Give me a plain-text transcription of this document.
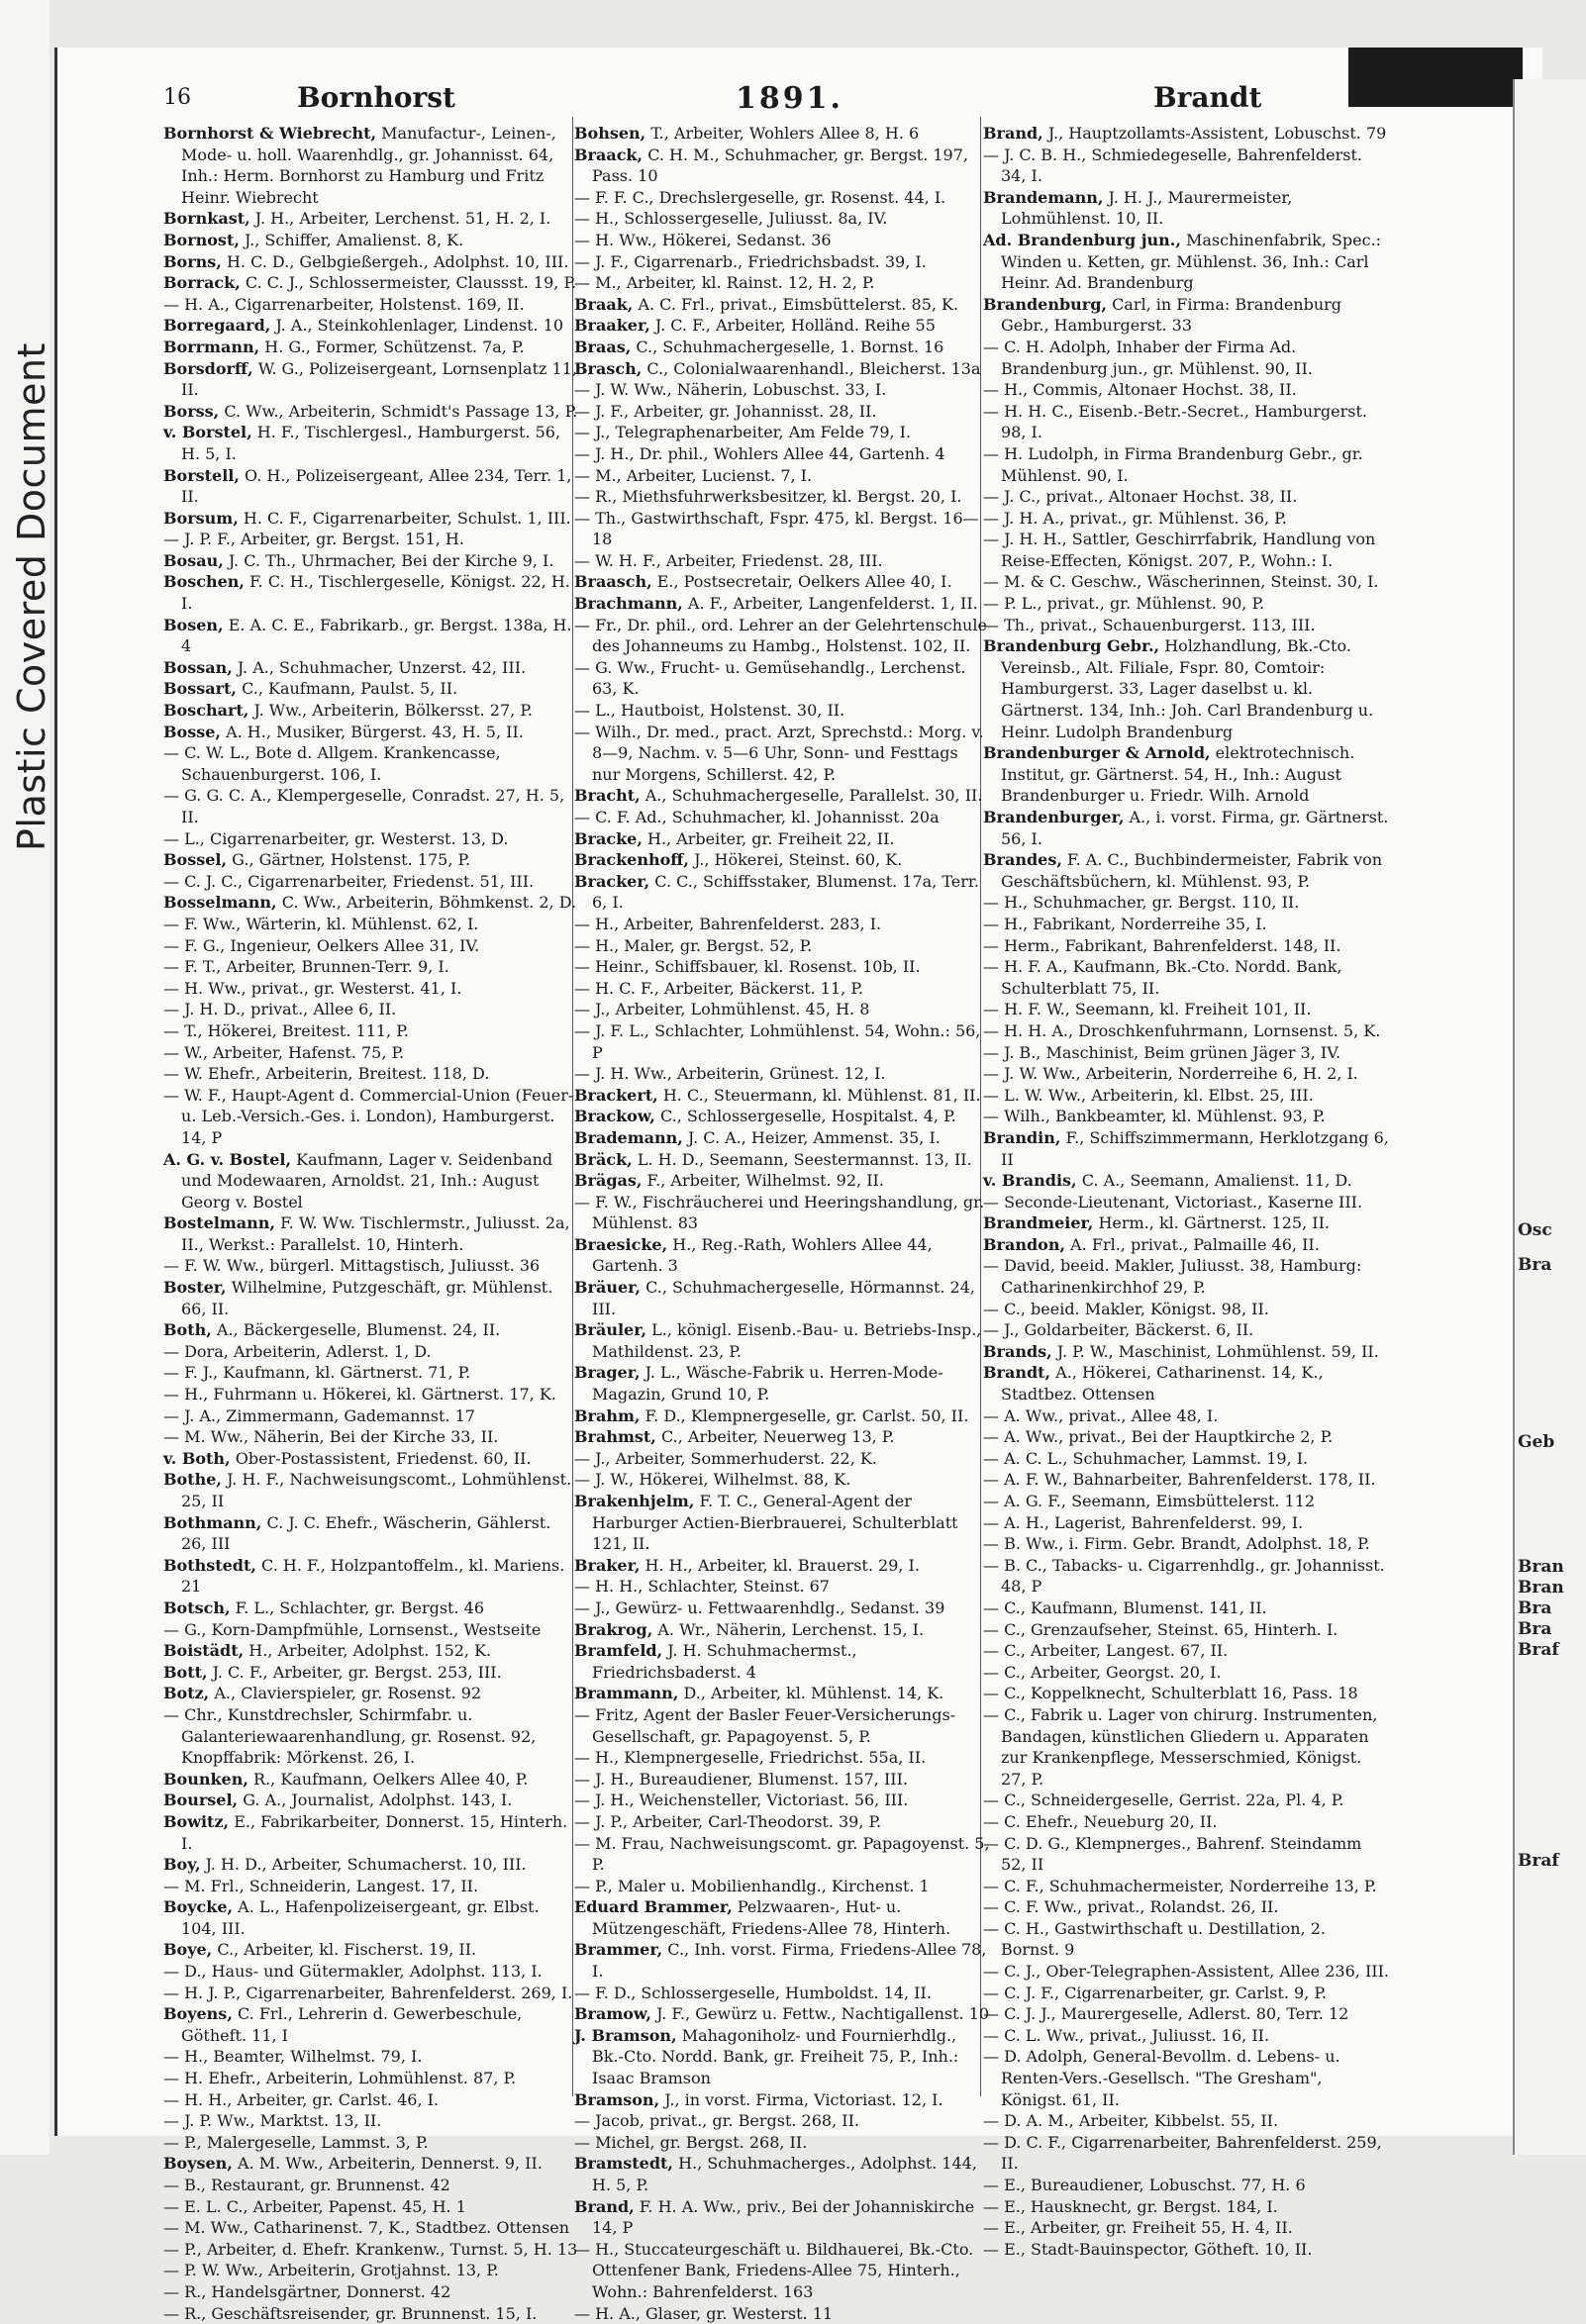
Plastic Covered Document
Osc
Bra
Geb
Bran
Bran
Bra
Bra
Braf
Braf
16	Bornhorst	1891.	Brandt

Bornhorst & Wiebrecht, Manufactur-, Leinen-, Mode- u. holl. Waarenhdlg., gr. Johannisst. 64, Inh.: Herm. Bornhorst zu Hamburg und Fritz Heinr. Wiebrecht

Bornkast, J. H., Arbeiter, Lerchenst. 51, H. 2, I.

Bornost, J., Schiffer, Amalienst. 8, K.

Borns, H. C. D., Gelbgießergeh., Adolphst. 10, III.

Borrack, C. C. J., Schlossermeister, Claussst. 19, P.

— H. A., Cigarrenarbeiter, Holstenst. 169, II.

Borregaard, J. A., Steinkohlenlager, Lindenst. 10

Borrmann, H. G., Former, Schützenst. 7a, P.

Borsdorff, W. G., Polizeisergeant, Lornsenplatz 11, II.

Borss, C. Ww., Arbeiterin, Schmidt's Passage 13, P.

v. Borstel, H. F., Tischlergesl., Hamburgerst. 56, H. 5, I.

Borstell, O. H., Polizeisergeant, Allee 234, Terr. 1, II.

Borsum, H. C. F., Cigarrenarbeiter, Schulst. 1, III.

— J. P. F., Arbeiter, gr. Bergst. 151, H.

Bosau, J. C. Th., Uhrmacher, Bei der Kirche 9, I.

Boschen, F. C. H., Tischlergeselle, Königst. 22, H. I.

Bosen, E. A. C. E., Fabrikarb., gr. Bergst. 138a, H. 4

Bossan, J. A., Schuhmacher, Unzerst. 42, III.

Bossart, C., Kaufmann, Paulst. 5, II.

Boschart, J. Ww., Arbeiterin, Bölkersst. 27, P.

Bosse, A. H., Musiker, Bürgerst. 43, H. 5, II.

— C. W. L., Bote d. Allgem. Krankencasse, Schauenburgerst. 106, I.

— G. G. C. A., Klempergeselle, Conradst. 27, H. 5, II.

— L., Cigarrenarbeiter, gr. Westerst. 13, D.

Bossel, G., Gärtner, Holstenst. 175, P.

— C. J. C., Cigarrenarbeiter, Friedenst. 51, III.

Bosselmann, C. Ww., Arbeiterin, Böhmkenst. 2, D.

— F. Ww., Wärterin, kl. Mühlenst. 62, I.

— F. G., Ingenieur, Oelkers Allee 31, IV.

— F. T., Arbeiter, Brunnen-Terr. 9, I.

— H. Ww., privat., gr. Westerst. 41, I.

— J. H. D., privat., Allee 6, II.

— T., Hökerei, Breitest. 111, P.

— W., Arbeiter, Hafenst. 75, P.

— W. Ehefr., Arbeiterin, Breitest. 118, D.

— W. F., Haupt-Agent d. Commercial-Union (Feuer- u. Leb.-Versich.-Ges. i. London), Hamburgerst. 14, P

A. G. v. Bostel, Kaufmann, Lager v. Seidenband und Modewaaren, Arnoldst. 21, Inh.: August Georg v. Bostel

Bostelmann, F. W. Ww. Tischlermstr., Juliusst. 2a, II., Werkst.: Parallelst. 10, Hinterh.

— F. W. Ww., bürgerl. Mittagstisch, Juliusst. 36

Boster, Wilhelmine, Putzgeschäft, gr. Mühlenst. 66, II.

Both, A., Bäckergeselle, Blumenst. 24, II.

— Dora, Arbeiterin, Adlerst. 1, D.

— F. J., Kaufmann, kl. Gärtnerst. 71, P.

— H., Fuhrmann u. Hökerei, kl. Gärtnerst. 17, K.

— J. A., Zimmermann, Gademannst. 17

— M. Ww., Näherin, Bei der Kirche 33, II.

v. Both, Ober-Postassistent, Friedenst. 60, II.

Bothe, J. H. F., Nachweisungscomt., Lohmühlenst. 25, II

Bothmann, C. J. C. Ehefr., Wäscherin, Gählerst. 26, III

Bothstedt, C. H. F., Holzpantoffelm., kl. Mariens. 21

Botsch, F. L., Schlachter, gr. Bergst. 46

— G., Korn-Dampfmühle, Lornsenst., Westseite

Boistädt, H., Arbeiter, Adolphst. 152, K.

Bott, J. C. F., Arbeiter, gr. Bergst. 253, III.

Botz, A., Clavierspieler, gr. Rosenst. 92

— Chr., Kunstdrechsler, Schirmfabr. u. Galanteriewaarenhandlung, gr. Rosenst. 92, Knopffabrik: Mörkenst. 26, I.

Bounken, R., Kaufmann, Oelkers Allee 40, P.

Boursel, G. A., Journalist, Adolphst. 143, I.

Bowitz, E., Fabrikarbeiter, Donnerst. 15, Hinterh. I.

Boy, J. H. D., Arbeiter, Schumacherst. 10, III.

— M. Frl., Schneiderin, Langest. 17, II.

Boycke, A. L., Hafenpolizeisergeant, gr. Elbst. 104, III.

Boye, C., Arbeiter, kl. Fischerst. 19, II.

— D., Haus- und Gütermakler, Adolphst. 113, I.

— H. J. P., Cigarrenarbeiter, Bahrenfelderst. 269, I.

Boyens, C. Frl., Lehrerin d. Gewerbeschule, Götheft. 11, I

— H., Beamter, Wilhelmst. 79, I.

— H. Ehefr., Arbeiterin, Lohmühlenst. 87, P.

— H. H., Arbeiter, gr. Carlst. 46, I.

— J. P. Ww., Marktst. 13, II.

— P., Malergeselle, Lammst. 3, P.

Boysen, A. M. Ww., Arbeiterin, Dennerst. 9, II.

— B., Restaurant, gr. Brunnenst. 42

— E. L. C., Arbeiter, Papenst. 45, H. 1

— M. Ww., Catharinenst. 7, K., Stadtbez. Ottensen

— P., Arbeiter, d. Ehefr. Krankenw., Turnst. 5, H. 13

— P. W. Ww., Arbeiterin, Grotjahnst. 13, P.

— R., Handelsgärtner, Donnerst. 42

— R., Geschäftsreisender, gr. Brunnenst. 15, I.

Bohsen, T., Arbeiter, Wohlers Allee 8, H. 6

Braack, C. H. M., Schuhmacher, gr. Bergst. 197, Pass. 10

— F. F. C., Drechslergeselle, gr. Rosenst. 44, I.

— H., Schlossergeselle, Juliusst. 8a, IV.

— H. Ww., Hökerei, Sedanst. 36

— J. F., Cigarrenarb., Friedrichsbadst. 39, I.

— M., Arbeiter, kl. Rainst. 12, H. 2, P.

Braak, A. C. Frl., privat., Eimsbüttelerst. 85, K.

Braaker, J. C. F., Arbeiter, Holländ. Reihe 55

Braas, C., Schuhmachergeselle, 1. Bornst. 16

Brasch, C., Colonialwaarenhandl., Bleicherst. 13a

— J. W. Ww., Näherin, Lobuschst. 33, I.

— J. F., Arbeiter, gr. Johannisst. 28, II.

— J., Telegraphenarbeiter, Am Felde 79, I.

— J. H., Dr. phil., Wohlers Allee 44, Gartenh. 4

— M., Arbeiter, Lucienst. 7, I.

— R., Miethsfuhrwerksbesitzer, kl. Bergst. 20, I.

— Th., Gastwirthschaft, Fspr. 475, kl. Bergst. 16—18

— W. H. F., Arbeiter, Friedenst. 28, III.

Braasch, E., Postsecretair, Oelkers Allee 40, I.

Brachmann, A. F., Arbeiter, Langenfelderst. 1, II.

— Fr., Dr. phil., ord. Lehrer an der Gelehrtenschule des Johanneums zu Hambg., Holstenst. 102, II.

— G. Ww., Frucht- u. Gemüsehandlg., Lerchenst. 63, K.

— L., Hautboist, Holstenst. 30, II.

— Wilh., Dr. med., pract. Arzt, Sprechstd.: Morg. v. 8—9, Nachm. v. 5—6 Uhr, Sonn- und Festtags nur Morgens, Schillerst. 42, P.

Bracht, A., Schuhmachergeselle, Parallelst. 30, II.

— C. F. Ad., Schuhmacher, kl. Johannisst. 20a

Bracke, H., Arbeiter, gr. Freiheit 22, II.

Brackenhoff, J., Hökerei, Steinst. 60, K.

Bracker, C. C., Schiffsstaker, Blumenst. 17a, Terr. 6, I.

— H., Arbeiter, Bahrenfelderst. 283, I.

— H., Maler, gr. Bergst. 52, P.

— Heinr., Schiffsbauer, kl. Rosenst. 10b, II.

— H. C. F., Arbeiter, Bäckerst. 11, P.

— J., Arbeiter, Lohmühlenst. 45, H. 8

— J. F. L., Schlachter, Lohmühlenst. 54, Wohn.: 56, P

— J. H. Ww., Arbeiterin, Grünest. 12, I.

Brackert, H. C., Steuermann, kl. Mühlenst. 81, II.

Brackow, C., Schlossergeselle, Hospitalst. 4, P.

Brademann, J. C. A., Heizer, Ammenst. 35, I.

Bräck, L. H. D., Seemann, Seestermannst. 13, II.

Brägas, F., Arbeiter, Wilhelmst. 92, II.

— F. W., Fischräucherei und Heeringshandlung, gr. Mühlenst. 83

Braesicke, H., Reg.-Rath, Wohlers Allee 44, Gartenh. 3

Bräuer, C., Schuhmachergeselle, Hörmannst. 24, III.

Bräuler, L., königl. Eisenb.-Bau- u. Betriebs-Insp., Mathildenst. 23, P.

Brager, J. L., Wäsche-Fabrik u. Herren-Mode-Magazin, Grund 10, P.

Brahm, F. D., Klempnergeselle, gr. Carlst. 50, II.

Brahmst, C., Arbeiter, Neuerweg 13, P.

— J., Arbeiter, Sommerhuderst. 22, K.

— J. W., Hökerei, Wilhelmst. 88, K.

Brakenhjelm, F. T. C., General-Agent der Harburger Actien-Bierbrauerei, Schulterblatt 121, II.

Braker, H. H., Arbeiter, kl. Brauerst. 29, I.

— H. H., Schlachter, Steinst. 67

— J., Gewürz- u. Fettwaarenhdlg., Sedanst. 39

Brakrog, A. Wr., Näherin, Lerchenst. 15, I.

Bramfeld, J. H. Schuhmachermst., Friedrichsbaderst. 4

Brammann, D., Arbeiter, kl. Mühlenst. 14, K.

— Fritz, Agent der Basler Feuer-Versicherungs-Gesellschaft, gr. Papagoyenst. 5, P.

— H., Klempnergeselle, Friedrichst. 55a, II.

— J. H., Bureaudiener, Blumenst. 157, III.

— J. H., Weichensteller, Victoriast. 56, III.

— J. P., Arbeiter, Carl-Theodorst. 39, P.

— M. Frau, Nachweisungscomt. gr. Papagoyenst. 5, P.

— P., Maler u. Mobilienhandlg., Kirchenst. 1

Eduard Brammer, Pelzwaaren-, Hut- u. Mützengeschäft, Friedens-Allee 78, Hinterh.

Brammer, C., Inh. vorst. Firma, Friedens-Allee 78, I.

— F. D., Schlossergeselle, Humboldst. 14, II.

Bramow, J. F., Gewürz u. Fettw., Nachtigallenst. 10

J. Bramson, Mahagoniholz- und Fournierhdlg., Bk.-Cto. Nordd. Bank, gr. Freiheit 75, P., Inh.: Isaac Bramson

Bramson, J., in vorst. Firma, Victoriast. 12, I.

— Jacob, privat., gr. Bergst. 268, II.

— Michel, gr. Bergst. 268, II.

Bramstedt, H., Schuhmacherges., Adolphst. 144, H. 5, P.

Brand, F. H. A. Ww., priv., Bei der Johanniskirche 14, P

— H., Stuccateurgeschäft u. Bildhauerei, Bk.-Cto. Ottenfener Bank, Friedens-Allee 75, Hinterh., Wohn.: Bahrenfelderst. 163

— H. A., Glaser, gr. Westerst. 11

Brand, J., Hauptzollamts-Assistent, Lobuschst. 79

— J. C. B. H., Schmiedegeselle, Bahrenfelderst. 34, I.

Brandemann, J. H. J., Maurermeister, Lohmühlenst. 10, II.

Ad. Brandenburg jun., Maschinenfabrik, Spec.: Winden u. Ketten, gr. Mühlenst. 36, Inh.: Carl Heinr. Ad. Brandenburg

Brandenburg, Carl, in Firma: Brandenburg Gebr., Hamburgerst. 33

— C. H. Adolph, Inhaber der Firma Ad. Brandenburg jun., gr. Mühlenst. 90, II.

— H., Commis, Altonaer Hochst. 38, II.

— H. H. C., Eisenb.-Betr.-Secret., Hamburgerst. 98, I.

— H. Ludolph, in Firma Brandenburg Gebr., gr. Mühlenst. 90, I.

— J. C., privat., Altonaer Hochst. 38, II.

— J. H. A., privat., gr. Mühlenst. 36, P.

— J. H. H., Sattler, Geschirrfabrik, Handlung von Reise-Effecten, Königst. 207, P., Wohn.: I.

— M. & C. Geschw., Wäscherinnen, Steinst. 30, I.

— P. L., privat., gr. Mühlenst. 90, P.

— Th., privat., Schauenburgerst. 113, III.

Brandenburg Gebr., Holzhandlung, Bk.-Cto. Vereinsb., Alt. Filiale, Fspr. 80, Comtoir: Hamburgerst. 33, Lager daselbst u. kl. Gärtnerst. 134, Inh.: Joh. Carl Brandenburg u. Heinr. Ludolph Brandenburg

Brandenburger & Arnold, elektrotechnisch. Institut, gr. Gärtnerst. 54, H., Inh.: August Brandenburger u. Friedr. Wilh. Arnold

Brandenburger, A., i. vorst. Firma, gr. Gärtnerst. 56, I.

Brandes, F. A. C., Buchbindermeister, Fabrik von Geschäftsbüchern, kl. Mühlenst. 93, P.

— H., Schuhmacher, gr. Bergst. 110, II.

— H., Fabrikant, Norderreihe 35, I.

— Herm., Fabrikant, Bahrenfelderst. 148, II.

— H. F. A., Kaufmann, Bk.-Cto. Nordd. Bank, Schulterblatt 75, II.

— H. F. W., Seemann, kl. Freiheit 101, II.

— H. H. A., Droschkenfuhrmann, Lornsenst. 5, K.

— J. B., Maschinist, Beim grünen Jäger 3, IV.

— J. W. Ww., Arbeiterin, Norderreihe 6, H. 2, I.

— L. W. Ww., Arbeiterin, kl. Elbst. 25, III.

— Wilh., Bankbeamter, kl. Mühlenst. 93, P.

Brandin, F., Schiffszimmermann, Herklotzgang 6, II

v. Brandis, C. A., Seemann, Amalienst. 11, D.

— Seconde-Lieutenant, Victoriast., Kaserne III.

Brandmeier, Herm., kl. Gärtnerst. 125, II.

Brandon, A. Frl., privat., Palmaille 46, II.

— David, beeid. Makler, Juliusst. 38, Hamburg: Catharinenkirchhof 29, P.

— C., beeid. Makler, Königst. 98, II.

— J., Goldarbeiter, Bäckerst. 6, II.

Brands, J. P. W., Maschinist, Lohmühlenst. 59, II.

Brandt, A., Hökerei, Catharinenst. 14, K., Stadtbez. Ottensen

— A. Ww., privat., Allee 48, I.

— A. Ww., privat., Bei der Hauptkirche 2, P.

— A. C. L., Schuhmacher, Lammst. 19, I.

— A. F. W., Bahnarbeiter, Bahrenfelderst. 178, II.

— A. G. F., Seemann, Eimsbüttelerst. 112

— A. H., Lagerist, Bahrenfelderst. 99, I.

— B. Ww., i. Firm. Gebr. Brandt, Adolphst. 18, P.

— B. C., Tabacks- u. Cigarrenhdlg., gr. Johannisst. 48, P

— C., Kaufmann, Blumenst. 141, II.

— C., Grenzaufseher, Steinst. 65, Hinterh. I.

— C., Arbeiter, Langest. 67, II.

— C., Arbeiter, Georgst. 20, I.

— C., Koppelknecht, Schulterblatt 16, Pass. 18

— C., Fabrik u. Lager von chirurg. Instrumenten, Bandagen, künstlichen Gliedern u. Apparaten zur Krankenpflege, Messerschmied, Königst. 27, P.

— C., Schneidergeselle, Gerrist. 22a, Pl. 4, P.

— C. Ehefr., Neueburg 20, II.

— C. D. G., Klempnerges., Bahrenf. Steindamm 52, II

— C. F., Schuhmachermeister, Norderreihe 13, P.

— C. F. Ww., privat., Rolandst. 26, II.

— C. H., Gastwirthschaft u. Destillation, 2. Bornst. 9

— C. J., Ober-Telegraphen-Assistent, Allee 236, III.

— C. J. F., Cigarrenarbeiter, gr. Carlst. 9, P.

— C. J. J., Maurergeselle, Adlerst. 80, Terr. 12

— C. L. Ww., privat., Juliusst. 16, II.

— D. Adolph, General-Bevollm. d. Lebens- u. Renten-Vers.-Gesellsch. "The Gresham", Königst. 61, II.

— D. A. M., Arbeiter, Kibbelst. 55, II.

— D. C. F., Cigarrenarbeiter, Bahrenfelderst. 259, II.

— E., Bureaudiener, Lobuschst. 77, H. 6

— E., Hausknecht, gr. Bergst. 184, I.

— E., Arbeiter, gr. Freiheit 55, H. 4, II.

— E., Stadt-Bauinspector, Götheft. 10, II.
